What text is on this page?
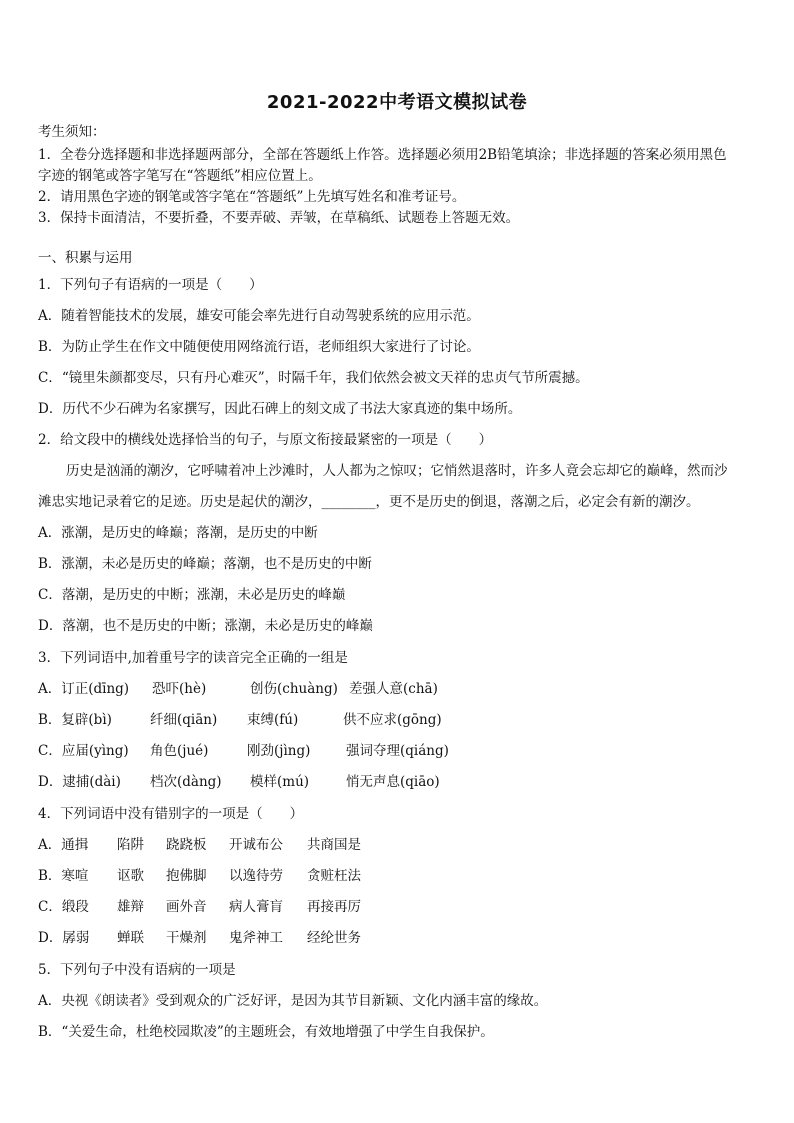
2021-2022中考语文模拟试卷
考生须知：
1．全卷分选择题和非选择题两部分，全部在答题纸上作答。选择题必须用2B铅笔填涂；非选择题的答案必须用黑色
字迹的钢笔或答字笔写在“答题纸”相应位置上。
2．请用黑色字迹的钢笔或答字笔在“答题纸”上先填写姓名和准考证号。
3．保持卡面清洁，不要折叠，不要弄破、弄皱，在草稿纸、试题卷上答题无效。
一、积累与运用
1．下列句子有语病的一项是（　　）
A．随着智能技术的发展，雄安可能会率先进行自动驾驶系统的应用示范。
B．为防止学生在作文中随便使用网络流行语，老师组织大家进行了讨论。
C．“镜里朱颜都变尽，只有丹心难灭”，时隔千年，我们依然会被文天祥的忠贞气节所震撼。
D．历代不少石碑为名家撰写，因此石碑上的刻文成了书法大家真迹的集中场所。
2．给文段中的横线处选择恰当的句子，与原文衔接最紧密的一项是（　　）
历史是汹涌的潮汐，它呼啸着冲上沙滩时，人人都为之惊叹；它悄然退落时，许多人竟会忘却它的巅峰，然而沙
滩忠实地记录着它的足迹。历史是起伏的潮汐，________，更不是历史的倒退，落潮之后，必定会有新的潮汐。
A．涨潮，是历史的峰巅；落潮，是历史的中断
B．涨潮，未必是历史的峰巅；落潮，也不是历史的中断
C．落潮，是历史的中断；涨潮，未必是历史的峰巅
D．落潮，也不是历史的中断；涨潮，未必是历史的峰巅
3．下列词语中,加着重号字的读音完全正确的一组是
A．订正(dīng) 恐吓(hè)	创伤(chuàng) 差强人意(chā)
B．复辟(bì)	纤细(qiān) 束缚(fú)	供不应求(gōng)
C．应届(yìng) 角色(jué)	刚劲(jìng)	强词夺理(qiáng)
D．逮捕(dài) 档次(dàng) 模样(mú)	悄无声息(qiāo)
4．下列词语中没有错别字的一项是（　　）
A．通揖 陷阱 跷跷板 开诚布公 共商国是
B．寒喧 讴歌 抱佛脚 以逸待劳 贪赃枉法
C．缎段 雄辩 画外音 病人膏肓 再接再厉
D．孱弱 蝉联 干燥剂 鬼斧神工 经纶世务
5．下列句子中没有语病的一项是
A．央视《朗读者》受到观众的广泛好评，是因为其节目新颖、文化内涵丰富的缘故。
B．“关爱生命，杜绝校园欺凌”的主题班会，有效地增强了中学生自我保护。
